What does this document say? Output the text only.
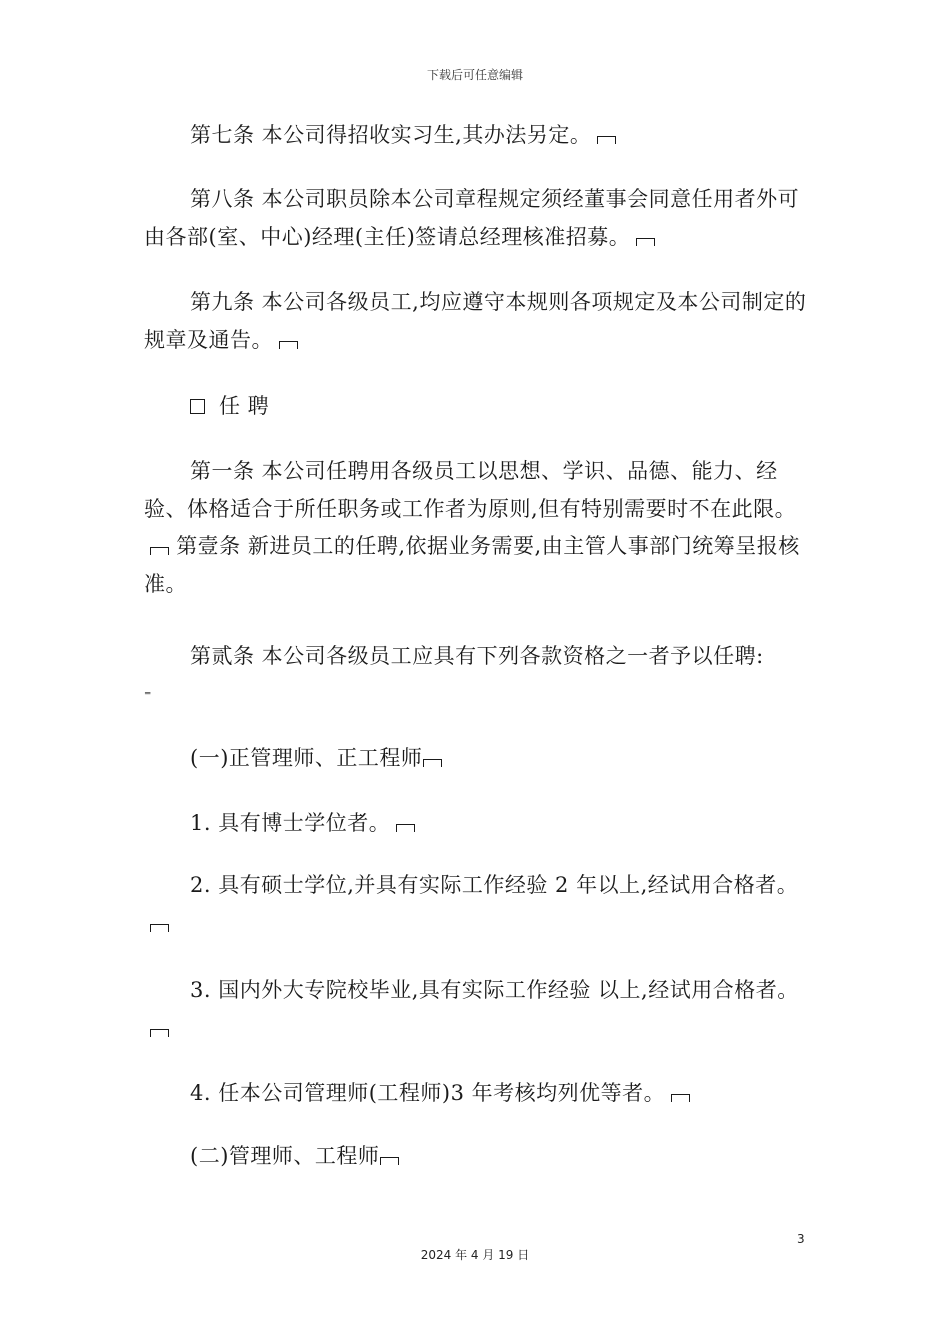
下载后可任意编辑
第七条 本公司得招收实习生,其办法另定。
第八条 本公司职员除本公司章程规定须经董事会同意任用者外可由各部(室、中心)经理(主任)签请总经理核准招募。
第九条 本公司各级员工,均应遵守本规则各项规定及本公司制定的规章及通告。
任 聘
第一条 本公司任聘用各级员工以思想、学识、品德、能力、经验、体格适合于所任职务或工作者为原则,但有特别需要时不在此限。 第壹条 新进员工的任聘,依据业务需要,由主管人事部门统筹呈报核准。
第贰条 本公司各级员工应具有下列各款资格之一者予以任聘:
⁼
(一)正管理师、正工程师
1. 具有博士学位者。
2. 具有硕士学位,并具有实际工作经验 2 年以上,经试用合格者。
3. 国内外大专院校毕业,具有实际工作经验 以上,经试用合格者。
4. 任本公司管理师(工程师)3 年考核均列优等者。
(二)管理师、工程师
3
2024 年 4 月 19 日
